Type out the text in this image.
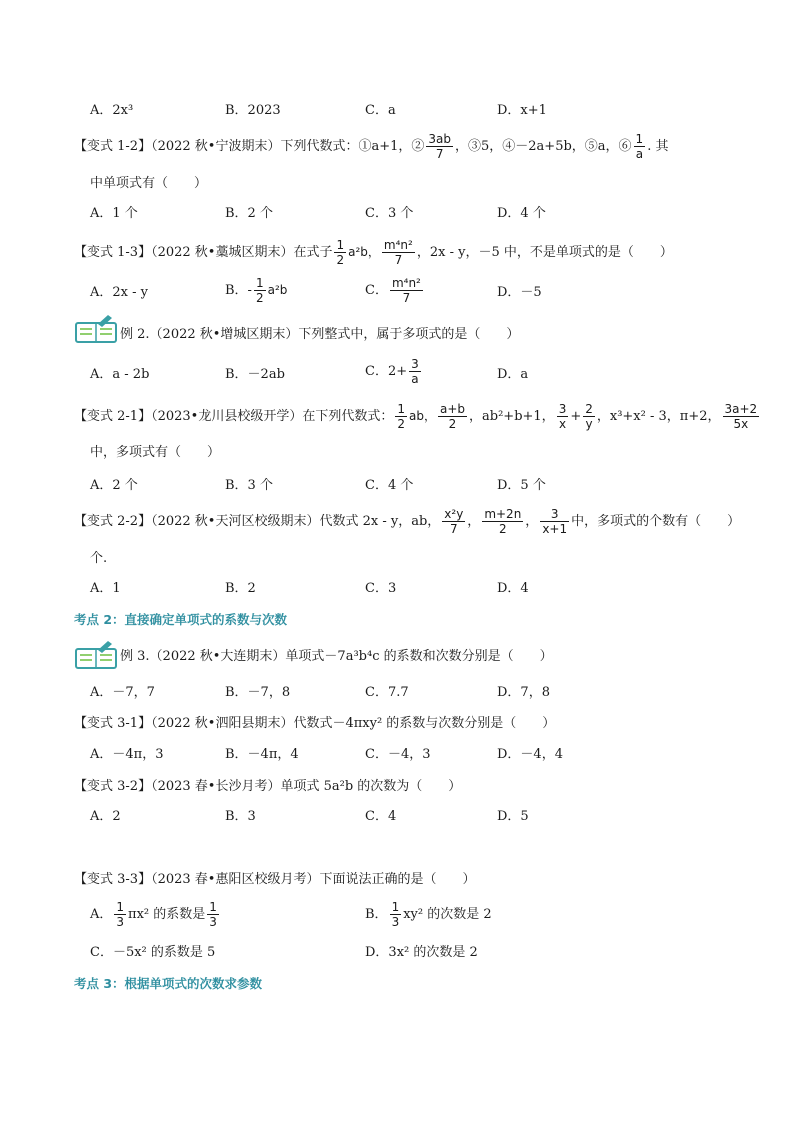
A．2x³	B．2023	C．a	D．x+1
【变式 1-2】（2022 秋•宁波期末）下列代数式：①a+1，② $\frac{3ab}{7}$ ，③5，④－2a+5b，⑤a，⑥ $\frac{1}{a}$ . 其
中单项式有（　　）
A．1 个	B．2 个	C．3 个	D．4 个
【变式 1-3】（2022 秋•藁城区期末）在式子 $\frac{1}{2} a^2b$， $\frac{\text{m⁴n²}}{7}$ ，2x - y，－5 中，不是单项式的是（　　）
A．2x - y	B．- $\frac{1}{2} a^2b$	C． $\frac{\text{m⁴n²}}{7}$	D．－5
例 2.（2022 秋•增城区期末）下列整式中，属于多项式的是（　　）
A．a - 2b	B．－2ab	C．$2+ \frac{3}{a}$	D．a
【变式 2-1】（2023•龙川县校级开学）在下列代数式： $\frac{1}{2}$ ab， $\frac{a+b}{2}$ ，ab²+b+1， $\frac{3}{x} + \frac{2}{y}$ ，x³+x² - 3，π+2， $\frac{3a+2}{5x}$
中，多项式有（　　）
A．2 个	B．3 个	C．4 个	D．5 个
【变式 2-2】（2022 秋•天河区校级期末）代数式 2x - y，ab， $\frac{\text{x²y}}{7}$ ， $\frac{m+2n}{2}$ ， $\frac{3}{x+1}$ 中，多项式的个数有（　　）
个.
A．1	B．2	C．3	D．4
考点 2：直接确定单项式的系数与次数
例 3.（2022 秋•大连期末）单项式－7a³b⁴c 的系数和次数分别是（　　）
A．－7，7	B．－7，8	C．7.7	D．7，8
【变式 3-1】（2022 秋•泗阳县期末）代数式－4πxy² 的系数与次数分别是（　　）
A．－4π，3	B．－4π，4	C．－4，3	D．－4，4
【变式 3-2】（2023 春•长沙月考）单项式 5a²b 的次数为（　　）
A．2	B．3	C．4	D．5
【变式 3-3】（2023 春•惠阳区校级月考）下面说法正确的是（　　）
A． $\frac{1}{3} \pi x^2$ 的系数是 $\frac{1}{3}$	B． $\frac{1}{3} xy^2$ 的次数是 2
C．－5x² 的系数是 5	D．3x² 的次数是 2
考点 3：根据单项式的次数求参数
